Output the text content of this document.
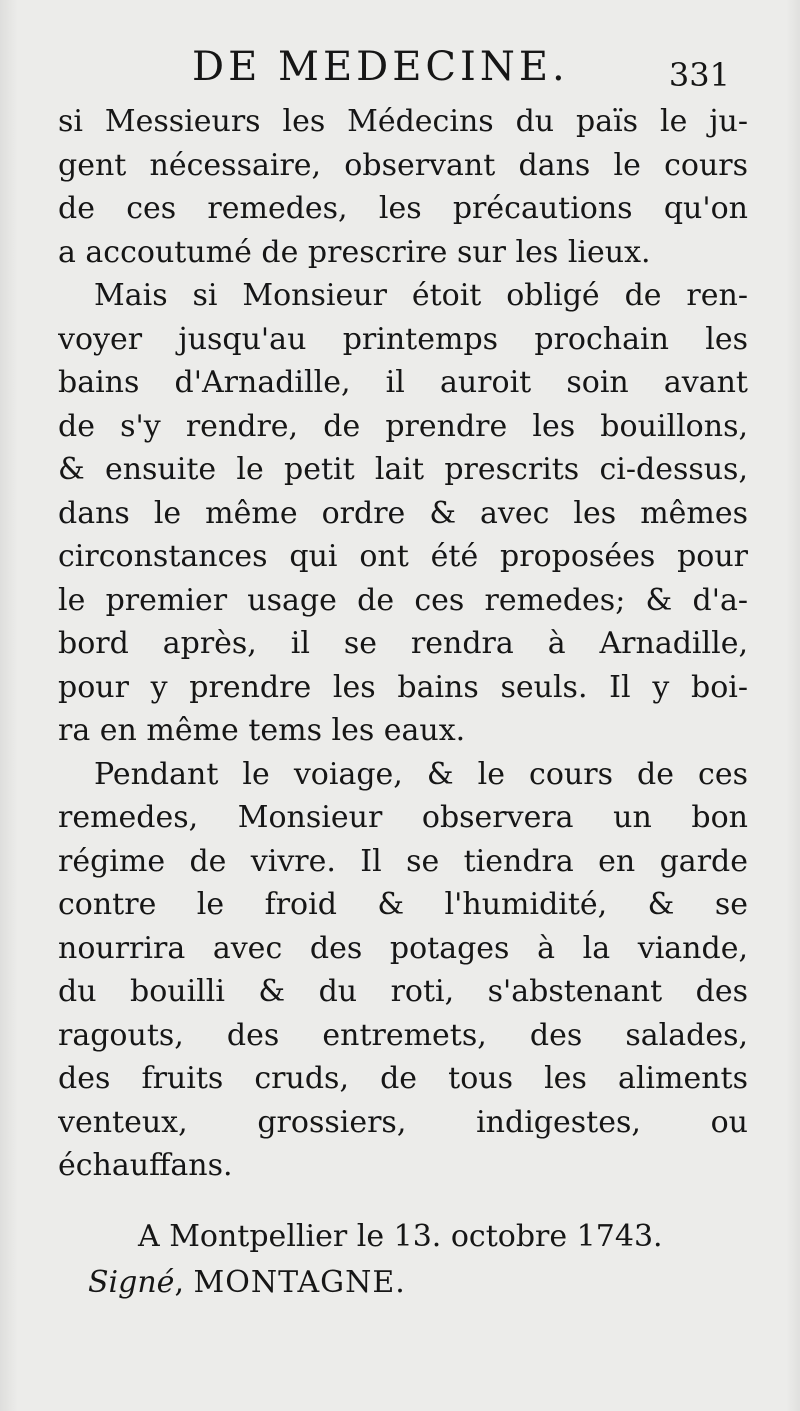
DE MEDECINE.	331
si Messieurs les Médecins du païs le ju-
gent nécessaire, observant dans le cours
de ces remedes, les précautions qu'on
a accoutumé de prescrire sur les lieux.
Mais si Monsieur étoit obligé de ren-
voyer jusqu'au printemps prochain les
bains d'Arnadille, il auroit soin avant
de s'y rendre, de prendre les bouillons,
& ensuite le petit lait prescrits ci-dessus,
dans le même ordre & avec les mêmes
circonstances qui ont été proposées pour
le premier usage de ces remedes; & d'a-
bord après, il se rendra à Arnadille,
pour y prendre les bains seuls. Il y boi-
ra en même tems les eaux.
Pendant le voiage, & le cours de ces
remedes, Monsieur observera un bon
régime de vivre. Il se tiendra en garde
contre le froid & l'humidité, & se
nourrira avec des potages à la viande,
du bouilli & du roti, s'abstenant des
ragouts, des entremets, des salades,
des fruits cruds, de tous les aliments
venteux, grossiers, indigestes, ou
échauffans.
A Montpellier le 13. octobre 1743.
Signé, MONTAGNE.
